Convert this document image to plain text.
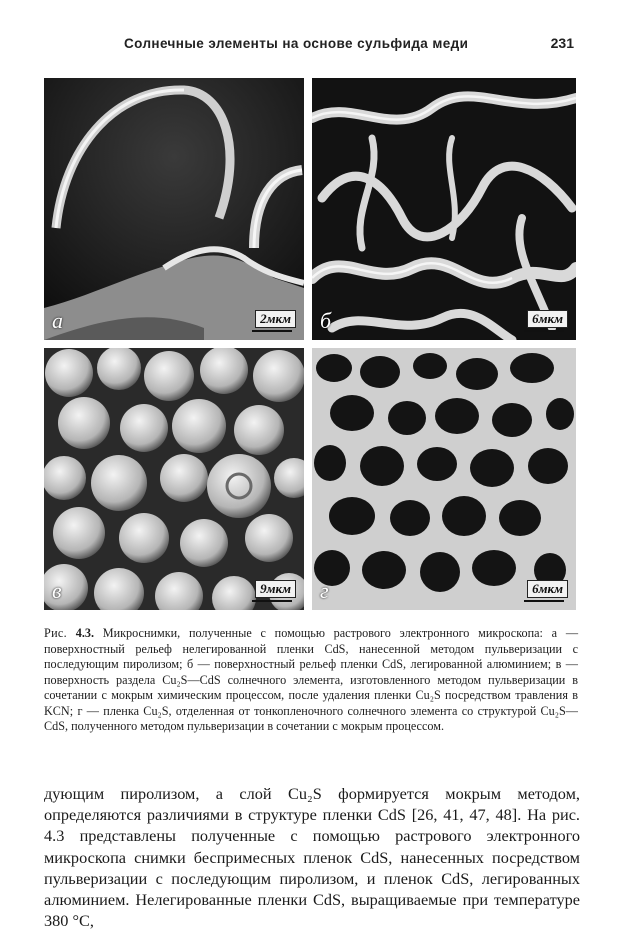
Солнечные элементы на основе сульфида меди	231
а	2мкм б	6мкм
в	9мкм г	6мкм
Рис. 4.3. Микроснимки, полученные с помощью растрового электронного микроскопа: а — поверхностный рельеф нелегированной пленки CdS, нанесенной методом пульверизации с последующим пиролизом; б — поверхностный рельеф пленки CdS, легированной алюминием; в — поверхность раздела Cu₂S—CdS солнечного элемента, изготовленного методом пульверизации в сочетании с мокрым химическим процессом, после удаления пленки Cu₂S посредством травления в KCN; г — пленка Cu₂S, отделенная от тонкопленочного солнечного элемента со структурой Cu₂S—CdS, полученного методом пульверизации в сочетании с мокрым процессом.
дующим пиролизом, а слой Cu₂S формируется мокрым методом, определяются различиями в структуре пленки CdS [26, 41, 47, 48]. На рис. 4.3 представлены полученные с помощью растрового электронного микроскопа снимки беспримесных пленок CdS, нанесенных посредством пульверизации с последующим пиролизом, и пленок CdS, легированных алюминием. Нелегированные пленки CdS, выращиваемые при температуре 380 °C,
